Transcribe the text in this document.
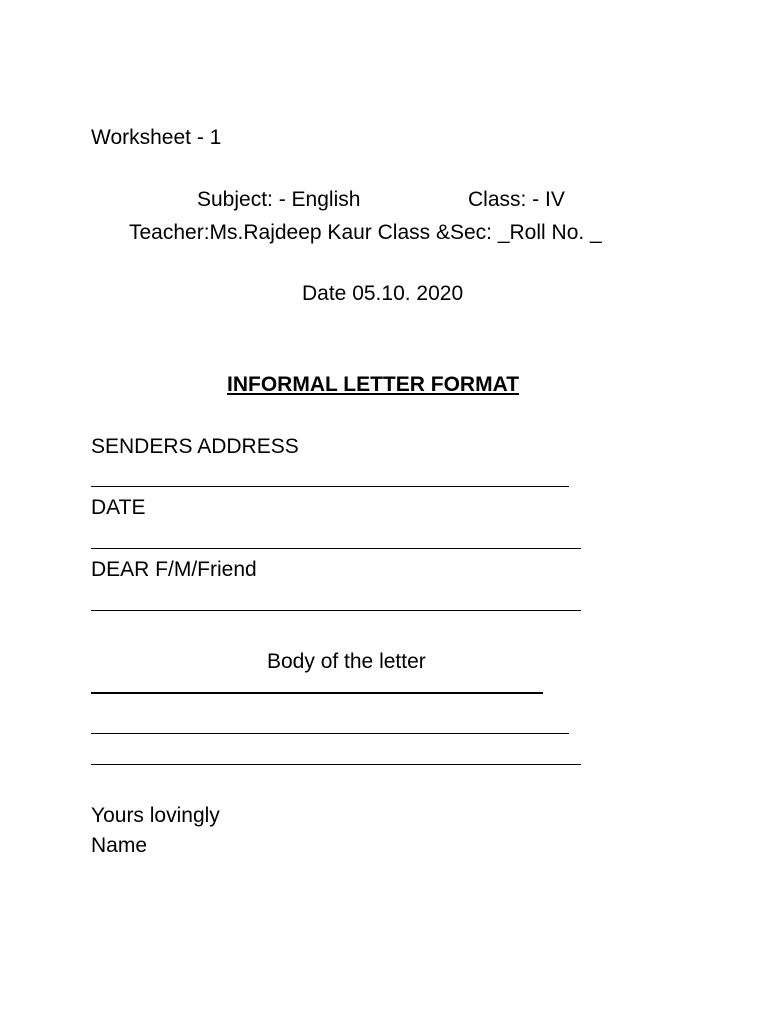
Worksheet - 1
Subject: - English	Class: - IV
Teacher:Ms.Rajdeep Kaur Class &Sec: _Roll No. _
Date 05.10. 2020
INFORMAL LETTER FORMAT
SENDERS ADDRESS
DATE
DEAR F/M/Friend
Body of the letter
Yours lovingly
Name
